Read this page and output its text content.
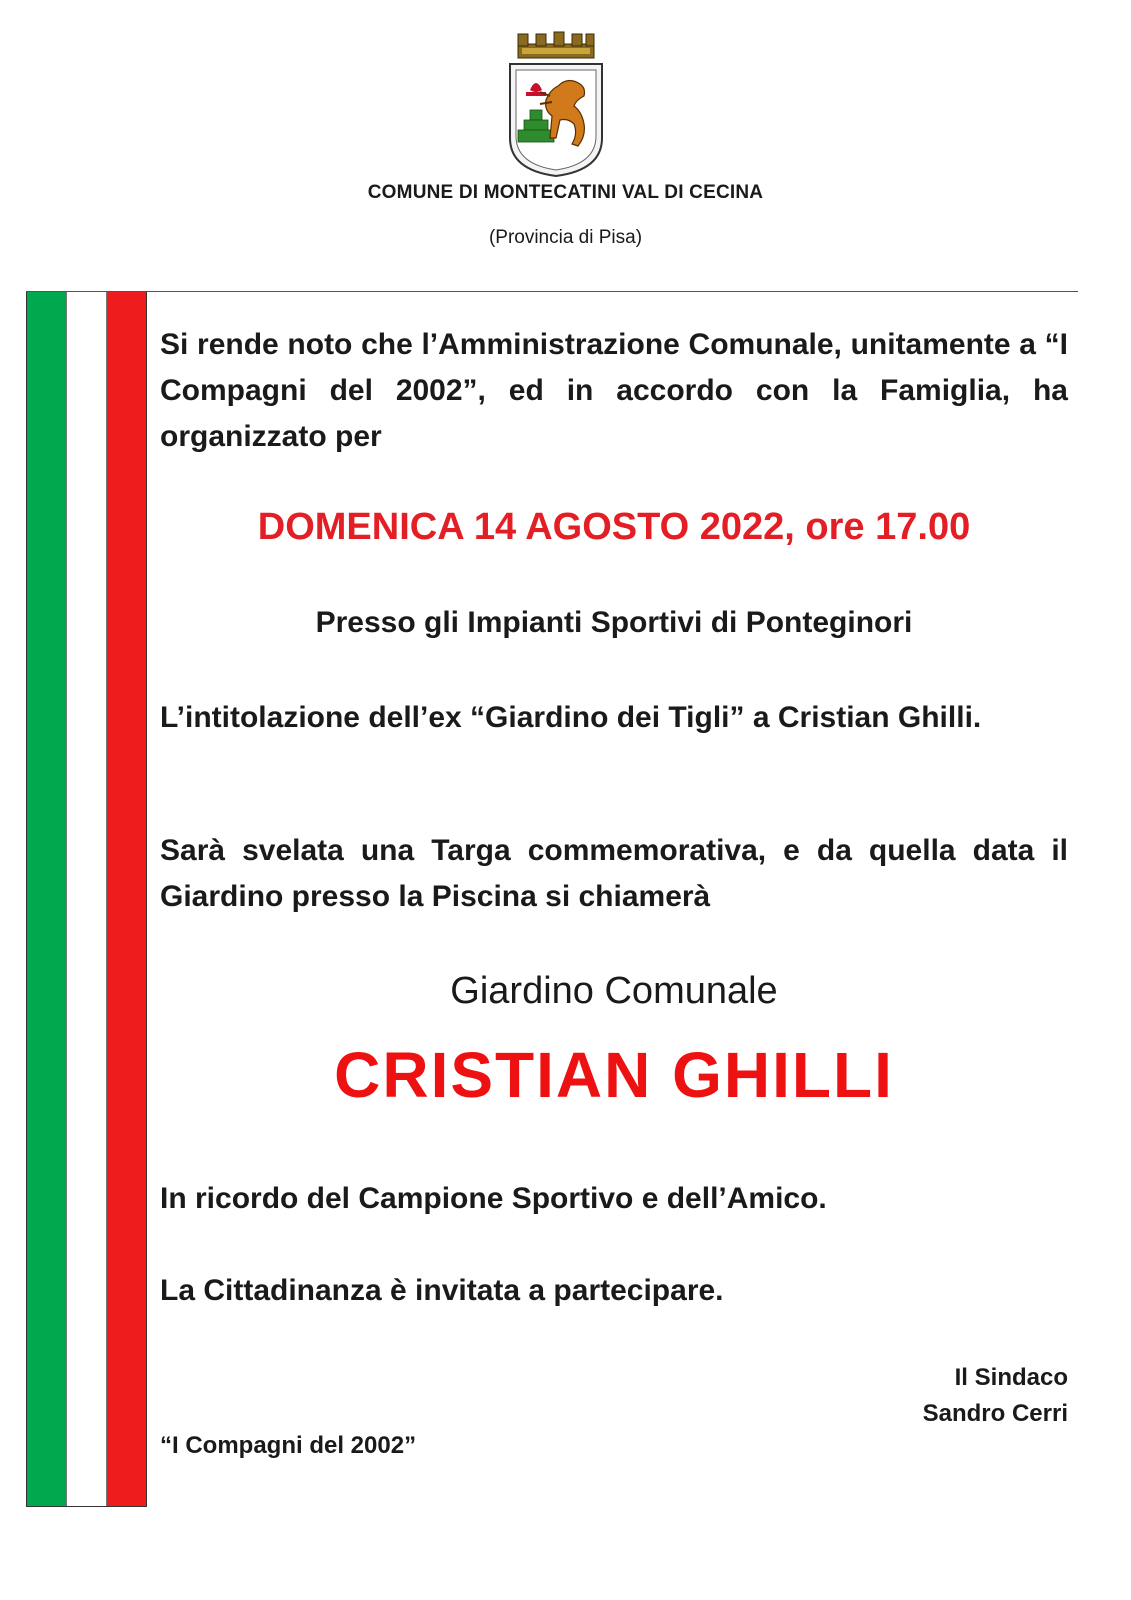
COMUNE DI MONTECATINI VAL DI CECINA
(Provincia di Pisa)

Si rende noto che l’Amministrazione Comunale, unitamente a “I Compagni del 2002”, ed in accordo con la Famiglia, ha organizzato per

DOMENICA 14 AGOSTO 2022, ore 17.00
Presso gli Impianti Sportivi di Ponteginori

L’intitolazione dell’ex “Giardino dei Tigli” a Cristian Ghilli.

Sarà svelata una Targa commemorativa, e da quella data il Giardino presso la Piscina si chiamerà

Giardino Comunale
CRISTIAN GHILLI

In ricordo del Campione Sportivo e dell’Amico.

La Cittadinanza è invitata a partecipare.

Il Sindaco
Sandro Cerri
“I Compagni del 2002”
